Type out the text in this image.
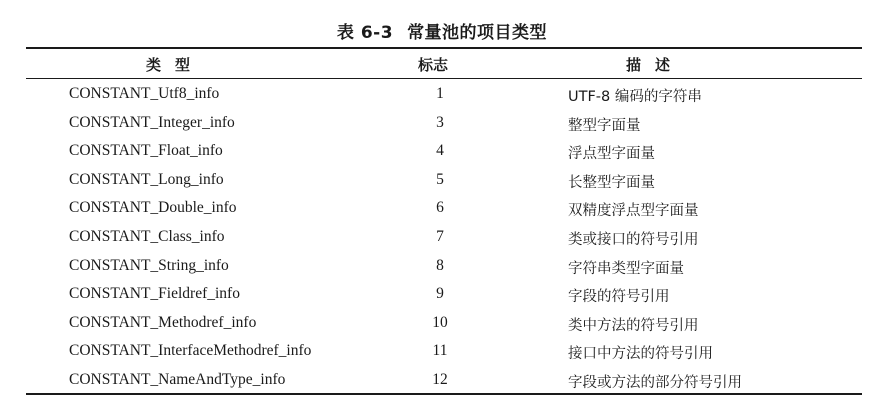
表 6-3 常量池的项目类型
类型	标志	描述
CONSTANT_Utf8_info	1	UTF-8 编码的字符串
CONSTANT_Integer_info	3	整型字面量
CONSTANT_Float_info	4	浮点型字面量
CONSTANT_Long_info	5	长整型字面量
CONSTANT_Double_info	6	双精度浮点型字面量
CONSTANT_Class_info	7	类或接口的符号引用
CONSTANT_String_info	8	字符串类型字面量
CONSTANT_Fieldref_info	9	字段的符号引用
CONSTANT_Methodref_info	10	类中方法的符号引用
CONSTANT_InterfaceMethodref_info	11	接口中方法的符号引用
CONSTANT_NameAndType_info	12	字段或方法的部分符号引用
